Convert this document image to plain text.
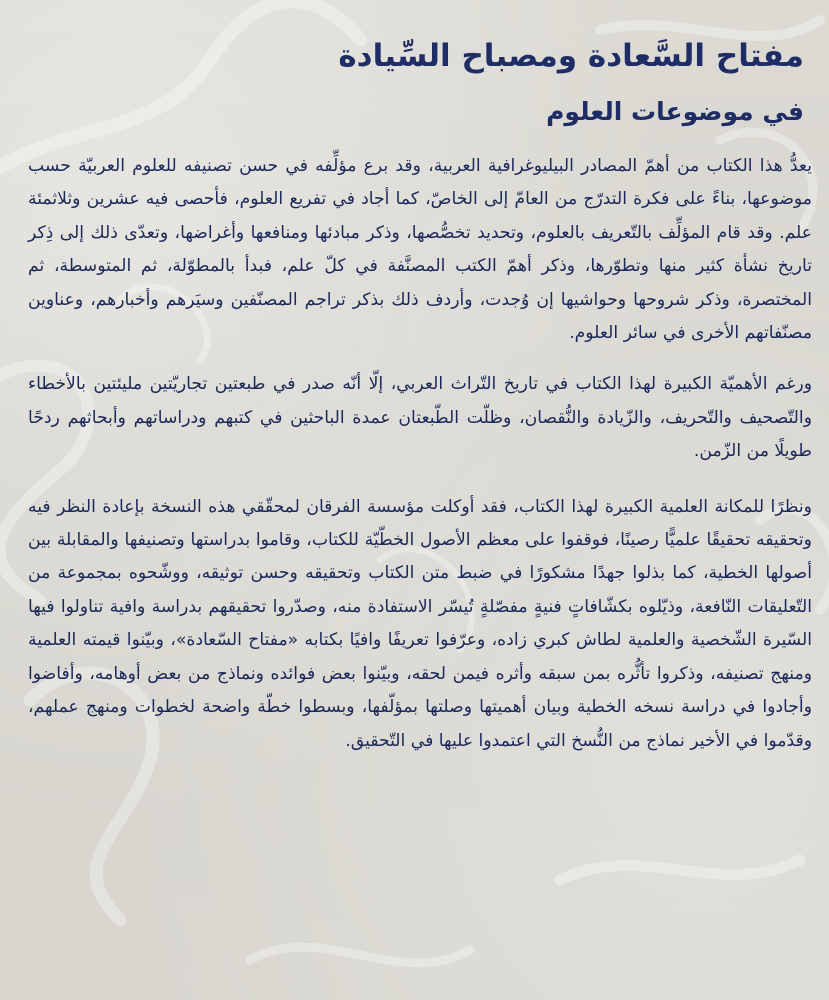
مفتاح السَّعادة ومصباح السِّيادة
في موضوعات العلوم

يعدُّ هذا الكتاب من أهمّ المصادر البيليوغرافية العربية، وقد برع مؤلِّفه في حسن تصنيفه للعلوم العربيّة حسب موضوعها، بناءً على فكرة التدرّج من العامّ إلى الخاصّ، كما أجاد في تفريع العلوم، فأحصى فيه عشرين وثلاثمئة علم. وقد قام المؤلِّف بالتّعريف بالعلوم، وتحديد تخصُّصها، وذكر مبادئها ومنافعها وأغراضها، وتعدّى ذلك إلى ذِكر تاريخ نشأة كثير منها وتطوّرها، وذكر أهمّ الكتب المصنَّفة في كلّ علم، فبدأ بالمطوّلة، ثم المتوسطة، ثم المختصرة، وذكر شروحها وحواشيها إن وُجدت، وأردف ذلك بذكر تراجم المصنّفين وسيَرهم وأخبارهم، وعناوين مصنّفاتهم الأخرى في سائر العلوم.

ورغم الأهميّة الكبيرة لهذا الكتاب في تاريخ التّراث العربي، إلّا أنّه صدر في طبعتين تجاريّتين مليئتين بالأخطاء والتّصحيف والتّحريف، والزّيادة والنُّقصان، وظلّت الطّبعتان عمدة الباحثين في كتبهم ودراساتهم وأبحاثهم ردحًا طويلًا من الزّمن.

ونظرًا للمكانة العلمية الكبيرة لهذا الكتاب، فقد أوكلت مؤسسة الفرقان لمحقّقي هذه النسخة بإعادة النظر فيه وتحقيقه تحقيقًا علميًّا رصينًا، فوقفوا على معظم الأصول الخطّيّة للكتاب، وقاموا بدراستها وتصنيفها والمقابلة بين أصولها الخطية، كما بذلوا جهدًا مشكورًا في ضبط متن الكتاب وتحقيقه وحسن توثيقه، ووشّحوه بمجموعة من التّعليقات النّافعة، وذيّلوه بكشّافاتٍ فنيةٍ مفصّلةٍ تُيسّر الاستفادة منه، وصدّروا تحقيقهم بدراسة وافية تناولوا فيها السّيرة الشّخصية والعلمية لطاش كبري زاده، وعرّفوا تعريفًا وافيًا بكتابه «مفتاح السّعادة»، وبيّنوا قيمته العلمية ومنهج تصنيفه، وذكروا تأثُّره بمن سبقه وأثره فيمن لحقه، وبيّنوا بعض فوائده ونماذج من بعض أوهامه، وأفاضوا وأجادوا في دراسة نسخه الخطية وبيان أهميتها وصلتها بمؤلّفها، وبسطوا خطّة واضحة لخطوات ومنهج عملهم، وقدّموا في الأخير نماذج من النُّسخ التي اعتمدوا عليها في التّحقيق.
